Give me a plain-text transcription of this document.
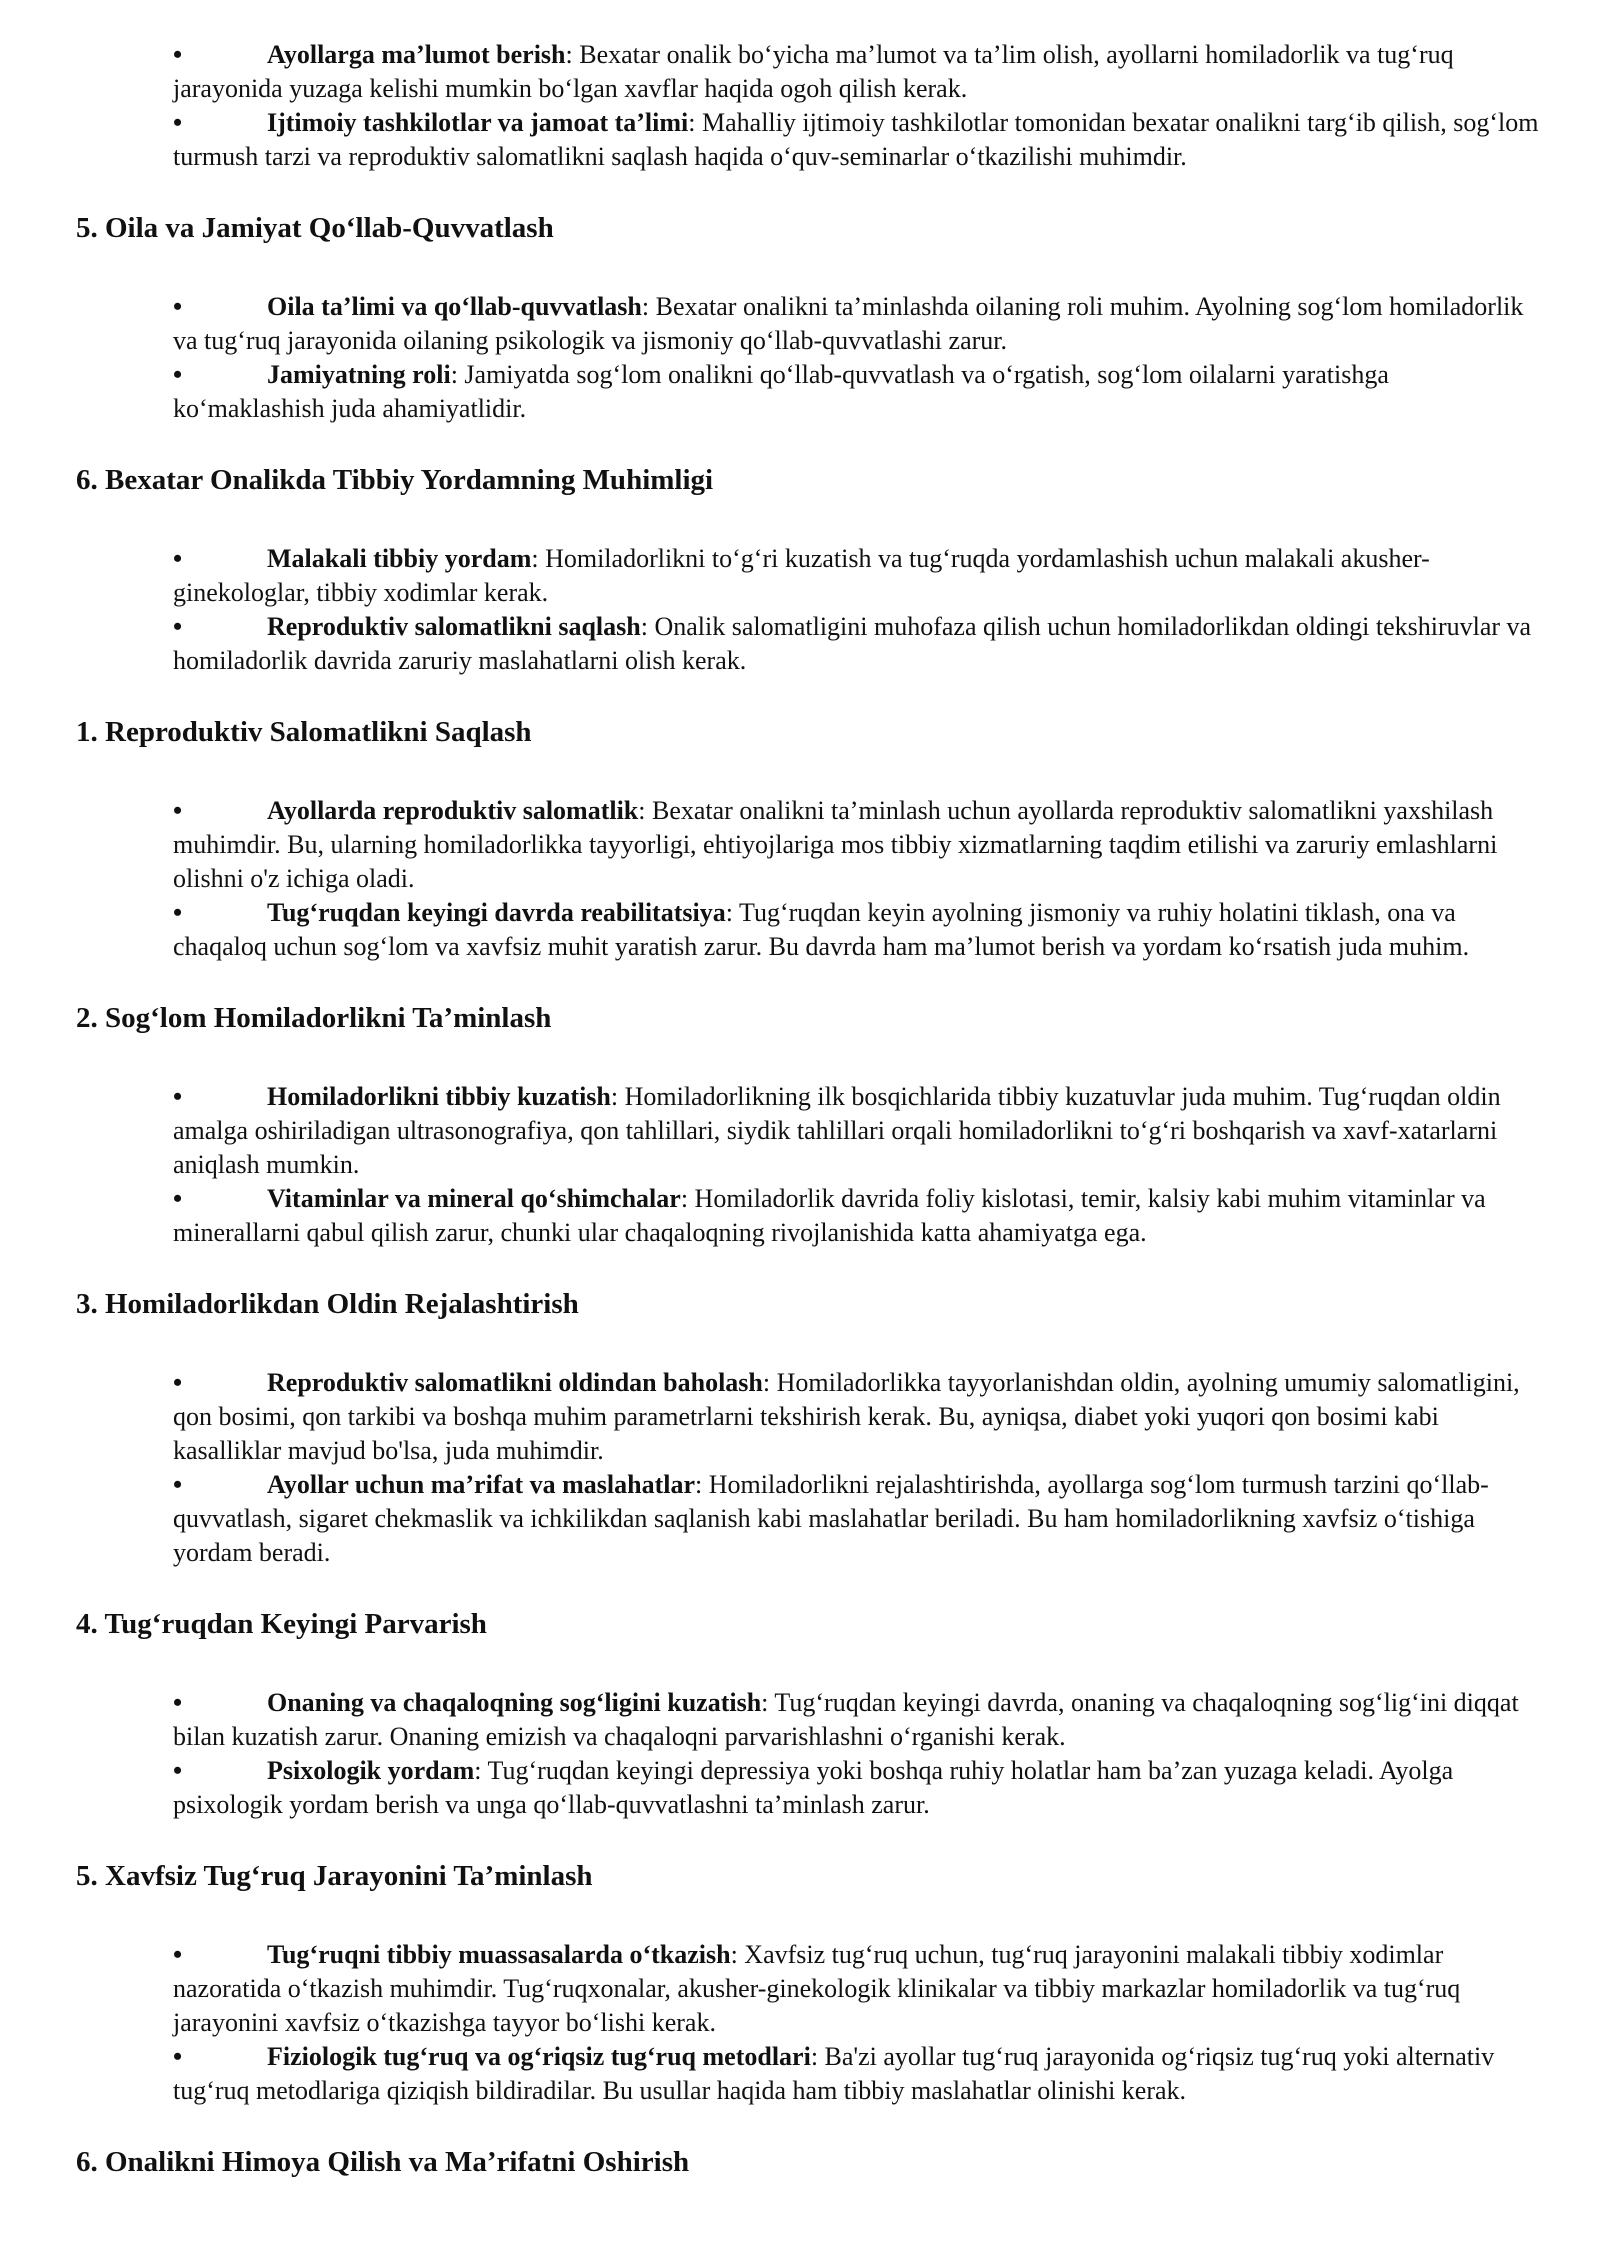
•	Ayollarga ma’lumot berish: Bexatar onalik bo‘yicha ma’lumot va ta’lim olish, ayollarni homiladorlik va tug‘ruq jarayonida yuzaga kelishi mumkin bo‘lgan xavflar haqida ogoh qilish kerak.
•	Ijtimoiy tashkilotlar va jamoat ta’limi: Mahalliy ijtimoiy tashkilotlar tomonidan bexatar onalikni targ‘ib qilish, sog‘lom turmush tarzi va reproduktiv salomatlikni saqlash haqida o‘quv-seminarlar o‘tkazilishi muhimdir.
5. Oila va Jamiyat Qo‘llab-Quvvatlash
•	Oila ta’limi va qo‘llab-quvvatlash: Bexatar onalikni ta’minlashda oilaning roli muhim. Ayolning sog‘lom homiladorlik va tug‘ruq jarayonida oilaning psikologik va jismoniy qo‘llab-quvvatlashi zarur.
•	Jamiyatning roli: Jamiyatda sog‘lom onalikni qo‘llab-quvvatlash va o‘rgatish, sog‘lom oilalarni yaratishga ko‘maklashish juda ahamiyatlidir.
6. Bexatar Onalikda Tibbiy Yordamning Muhimligi
•	Malakali tibbiy yordam: Homiladorlikni to‘g‘ri kuzatish va tug‘ruqda yordamlashish uchun malakali akusher-ginekologlar, tibbiy xodimlar kerak.
•	Reproduktiv salomatlikni saqlash: Onalik salomatligini muhofaza qilish uchun homiladorlikdan oldingi tekshiruvlar va homiladorlik davrida zaruriy maslahatlarni olish kerak.
1. Reproduktiv Salomatlikni Saqlash
•	Ayollarda reproduktiv salomatlik: Bexatar onalikni ta’minlash uchun ayollarda reproduktiv salomatlikni yaxshilash muhimdir. Bu, ularning homiladorlikka tayyorligi, ehtiyojlariga mos tibbiy xizmatlarning taqdim etilishi va zaruriy emlashlarni olishni o'z ichiga oladi.
•	Tug‘ruqdan keyingi davrda reabilitatsiya: Tug‘ruqdan keyin ayolning jismoniy va ruhiy holatini tiklash, ona va chaqaloq uchun sog‘lom va xavfsiz muhit yaratish zarur. Bu davrda ham ma’lumot berish va yordam ko‘rsatish juda muhim.
2. Sog‘lom Homiladorlikni Ta’minlash
•	Homiladorlikni tibbiy kuzatish: Homiladorlikning ilk bosqichlarida tibbiy kuzatuvlar juda muhim. Tug‘ruqdan oldin amalga oshiriladigan ultrasonografiya, qon tahlillari, siydik tahlillari orqali homiladorlikni to‘g‘ri boshqarish va xavf-xatarlarni aniqlash mumkin.
•	Vitaminlar va mineral qo‘shimchalar: Homiladorlik davrida foliy kislotasi, temir, kalsiy kabi muhim vitaminlar va minerallarni qabul qilish zarur, chunki ular chaqaloqning rivojlanishida katta ahamiyatga ega.
3. Homiladorlikdan Oldin Rejalashtirish
•	Reproduktiv salomatlikni oldindan baholash: Homiladorlikka tayyorlanishdan oldin, ayolning umumiy salomatligini, qon bosimi, qon tarkibi va boshqa muhim parametrlarni tekshirish kerak. Bu, ayniqsa, diabet yoki yuqori qon bosimi kabi kasalliklar mavjud bo'lsa, juda muhimdir.
•	Ayollar uchun ma’rifat va maslahatlar: Homiladorlikni rejalashtirishda, ayollarga sog‘lom turmush tarzini qo‘llab-quvvatlash, sigaret chekmaslik va ichkilikdan saqlanish kabi maslahatlar beriladi. Bu ham homiladorlikning xavfsiz o‘tishiga yordam beradi.
4. Tug‘ruqdan Keyingi Parvarish
•	Onaning va chaqaloqning sog‘ligini kuzatish: Tug‘ruqdan keyingi davrda, onaning va chaqaloqning sog‘lig‘ini diqqat bilan kuzatish zarur. Onaning emizish va chaqaloqni parvarishlashni o‘rganishi kerak.
•	Psixologik yordam: Tug‘ruqdan keyingi depressiya yoki boshqa ruhiy holatlar ham ba’zan yuzaga keladi. Ayolga psixologik yordam berish va unga qo‘llab-quvvatlashni ta’minlash zarur.
5. Xavfsiz Tug‘ruq Jarayonini Ta’minlash
•	Tug‘ruqni tibbiy muassasalarda o‘tkazish: Xavfsiz tug‘ruq uchun, tug‘ruq jarayonini malakali tibbiy xodimlar nazoratida o‘tkazish muhimdir. Tug‘ruqxonalar, akusher-ginekologik klinikalar va tibbiy markazlar homiladorlik va tug‘ruq jarayonini xavfsiz o‘tkazishga tayyor bo‘lishi kerak.
•	Fiziologik tug‘ruq va og‘riqsiz tug‘ruq metodlari: Ba'zi ayollar tug‘ruq jarayonida og‘riqsiz tug‘ruq yoki alternativ tug‘ruq metodlariga qiziqish bildiradilar. Bu usullar haqida ham tibbiy maslahatlar olinishi kerak.
6. Onalikni Himoya Qilish va Ma’rifatni Oshirish
